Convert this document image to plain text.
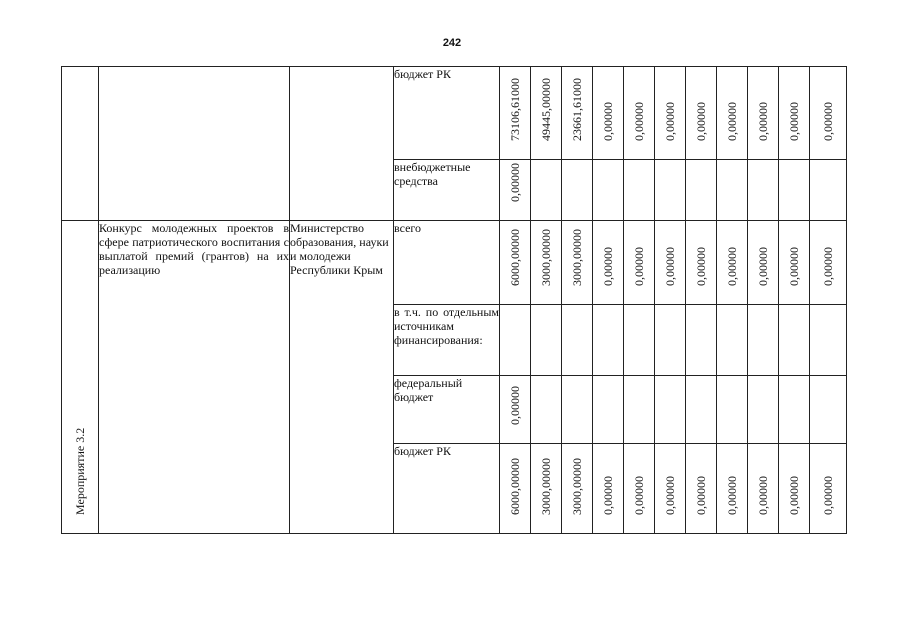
242
			бюджет РК	73106,61000	49445,00000	23661,61000	0,00000	0,00000	0,00000	0,00000	0,00000	0,00000	0,00000	0,00000

			внебюджетные средства	0,00000										

Мероприятие 3.2	Конкурс молодежных проектов в сфере патриотического воспитания с выплатой премий (грантов) на их реализацию	Министерство образования, науки и молодежи Республики Крым	всего	6000,00000	3000,00000	3000,00000	0,00000	0,00000	0,00000	0,00000	0,00000	0,00000	0,00000	0,00000

			в т.ч. по отдельным источникам финансирования:											
			федеральный бюджет	0,00000										

			бюджет РК	6000,00000	3000,00000	3000,00000	0,00000	0,00000	0,00000	0,00000	0,00000	0,00000	0,00000	0,00000
